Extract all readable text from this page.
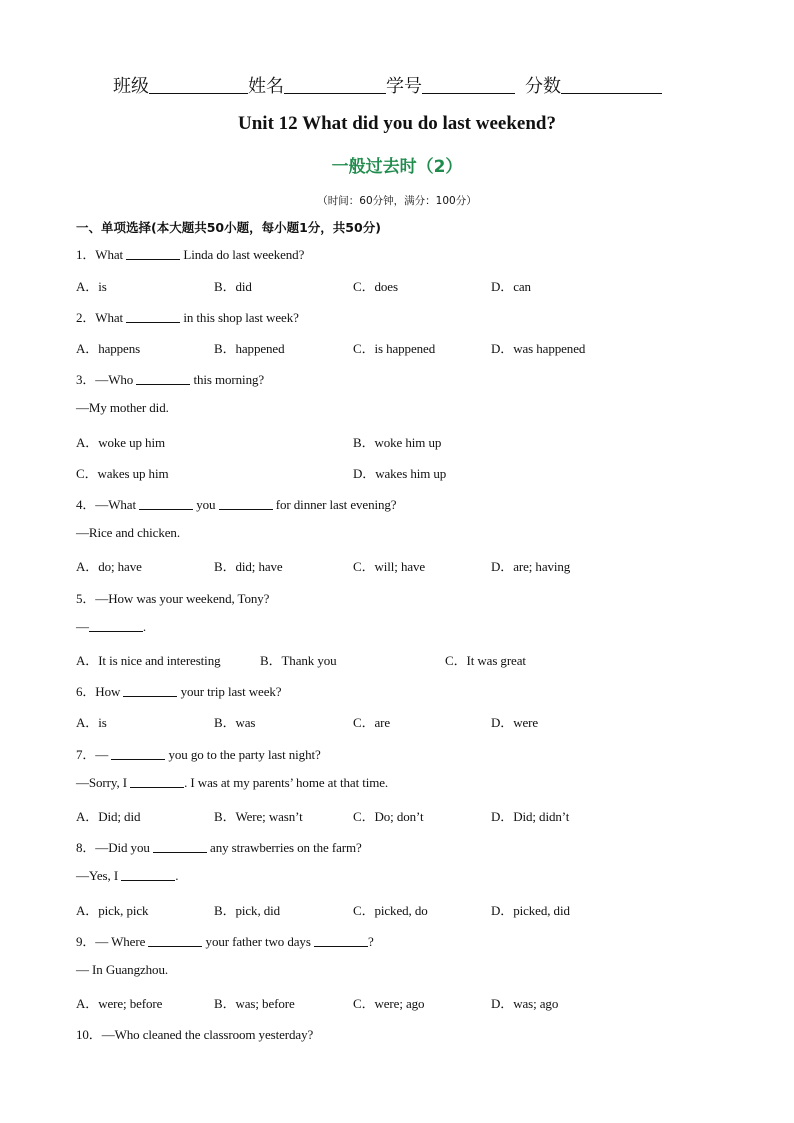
班级	姓名	学号	分数
Unit 12 What did you do last weekend?
一般过去时（2）
（时间：60分钟，满分：100分）
一、单项选择(本大题共50小题，每小题1分，共50分)
1．What	Linda do last weekend?
A．is	B．did	C．does	D．can
2．What	in this shop last week?
A．happens	B．happened	C．is happened	D．was happened
3．—Who	this morning?
—My mother did.
A．woke up him	B．woke him up
C．wakes up him	D．wakes him up
4．—What	you	for dinner last evening?
—Rice and chicken.
A．do; have	B．did; have	C．will; have	D．are; having
5．—How was your weekend, Tony?
—	.
A．It is nice and interesting	B．Thank you	C．It was great
6．How	your trip last week?
A．is	B．was	C．are	D．were
7．—	you go to the party last night?
—Sorry, I	. I was at my parents’ home at that time.
A．Did; did	B．Were; wasn’t	C．Do; don’t	D．Did; didn’t
8．—Did you	any strawberries on the farm?
—Yes, I	.
A．pick, pick	B．pick, did	C．picked, do	D．picked, did
9．— Where	your father two days	?
— In Guangzhou.
A．were; before	B．was; before	C．were; ago	D．was; ago
10．—Who cleaned the classroom yesterday?
